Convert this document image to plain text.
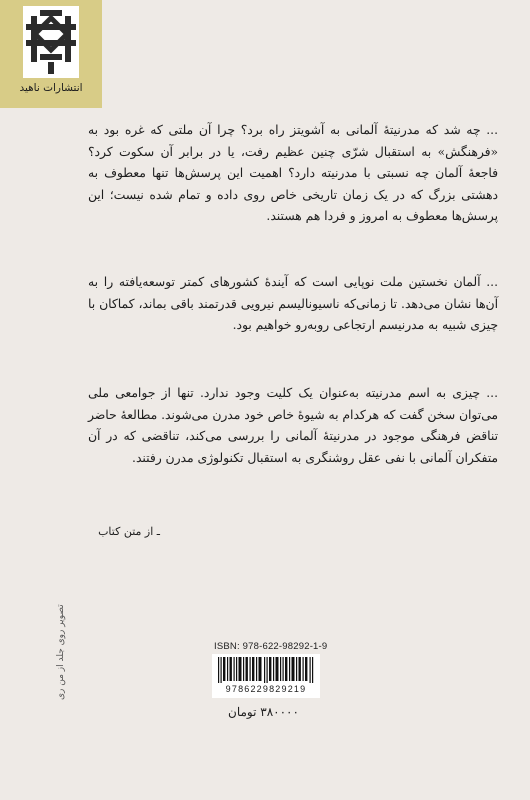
انتشارات ناهید
... چه شد که مدرنیتهٔ آلمانی به آشویتز راه برد؟ چرا آن ملتی که غره بود به «فرهنگش» به استقبال شرّی چنین عظیم رفت، یا در برابر آن سکوت کرد؟ فاجعهٔ آلمان چه نسبتی با مدرنیته دارد؟ اهمیت این پرسش‌ها تنها معطوف به دهشتی بزرگ که در یک زمان تاریخی خاص روی داده و تمام شده نیست؛ این پرسش‌ها معطوف به امروز و فردا هم هستند.
... آلمان نخستین ملت نوپایی است که آیندهٔ کشورهای کمتر توسعه‌یافته را به آن‌ها نشان می‌دهد. تا زمانی‌که ناسیونالیسم نیرویی قدرتمند باقی بماند، کماکان با چیزی شبیه به مدرنیسم ارتجاعی روبه‌رو خواهیم بود.
... چیزی به اسم مدرنیته به‌عنوان یک کلیت وجود ندارد. تنها از جوامعی ملی می‌توان سخن گفت که هرکدام به شیوهٔ خاص خود مدرن می‌شوند. مطالعهٔ حاضر تناقض فرهنگی موجود در مدرنیتهٔ آلمانی را بررسی می‌کند، تناقضی که در آن متفکران آلمانی با نفی عقل روشنگری به استقبال تکنولوژی مدرن رفتند.
ـ از متن کتاب
تصویر روی جلد از من ری	ISBN: 978-622-98292-1-9
9786229829219
۳۸۰۰۰۰ تومان
